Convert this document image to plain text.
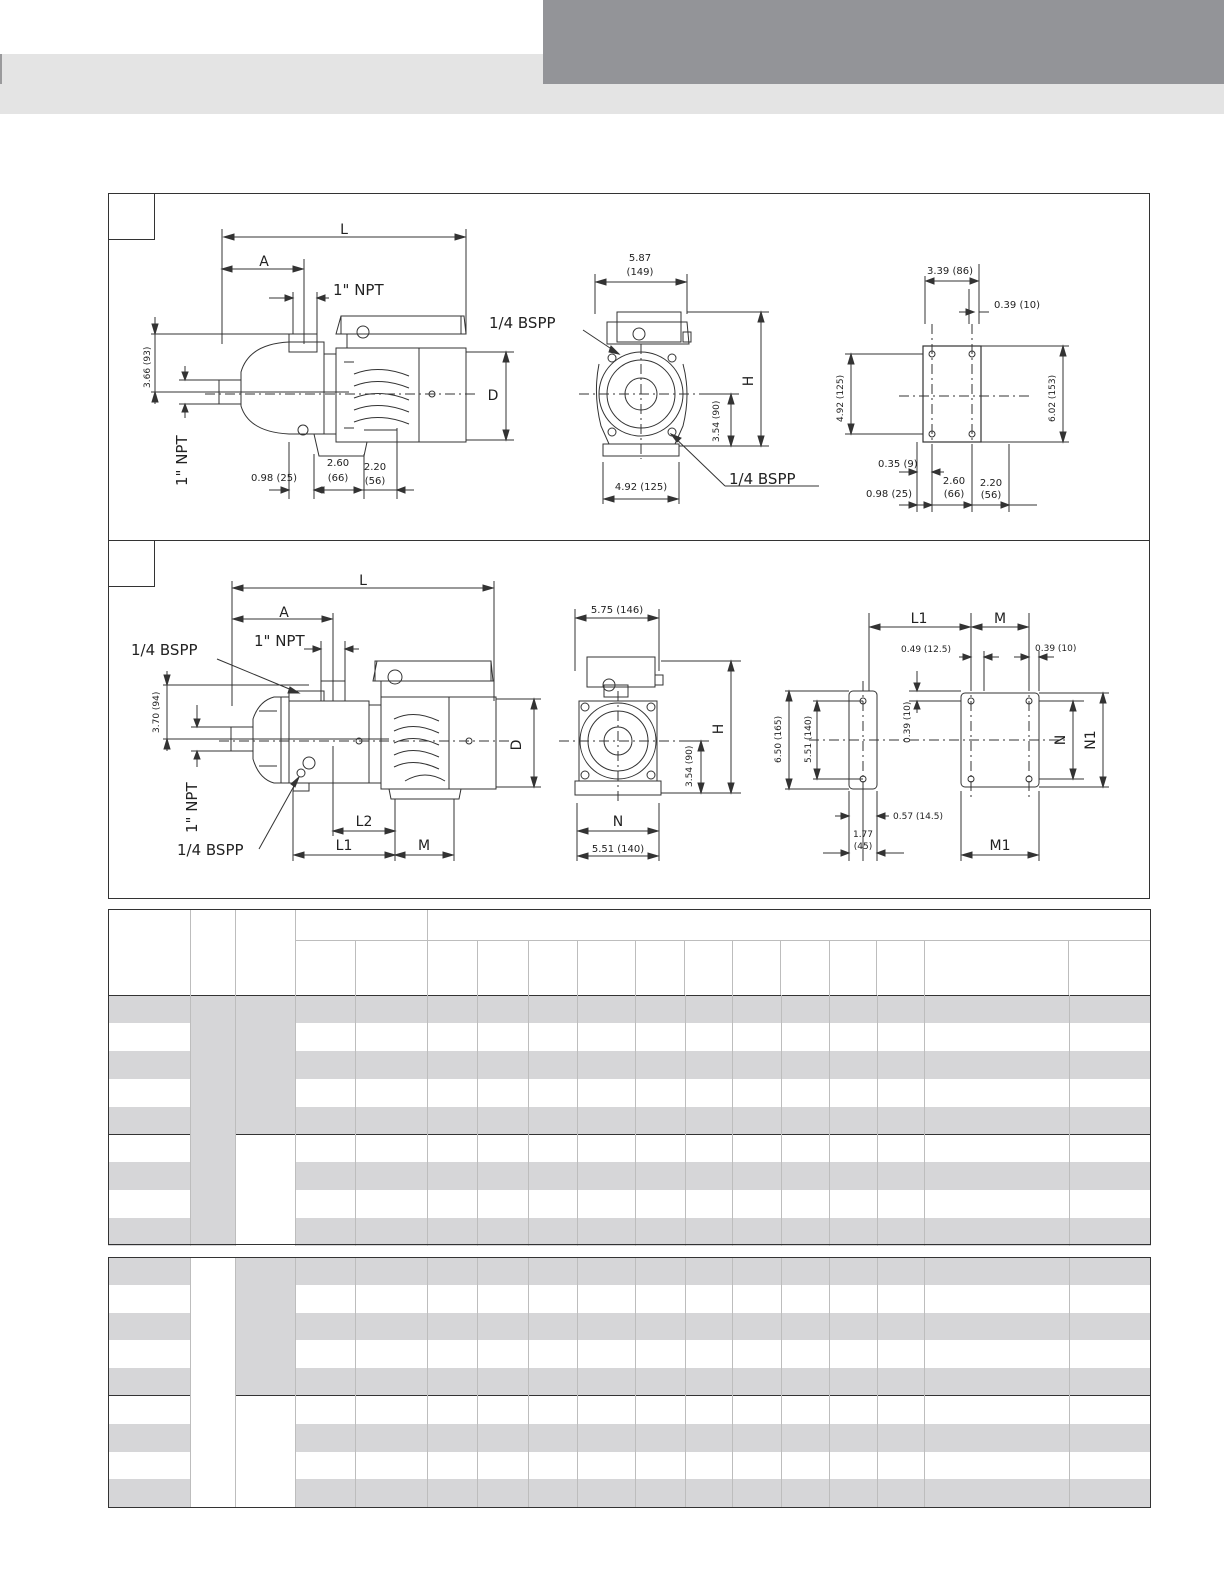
L
A
1" NPT
3.66 (93)
1" NPT
D
0.98 (25)
2.60
(66)
2.20
(56)
5.87
(149)
1/4 BSPP
H
3.54 (90)
4.92 (125)	1/4 BSPP
3.39 (86)
0.39 (10)
4.92 (125)	6.02 (153)
0.35 (9)
0.98 (25)
2.60
(66)
2.20
(56)
L
A
1" NPT
1/4 BSPP
3.70 (94)
1" NPT
D
L2
L1	M
1/4 BSPP
5.75 (146)
H
3.54 (90)
N
5.51 (140)
L1	M
0.49 (12.5)	0.39 (10)
6.50 (165) 5.51 (140)	0.39 (10)	N N1
0.57 (14.5)
1.77
(45)	M1
